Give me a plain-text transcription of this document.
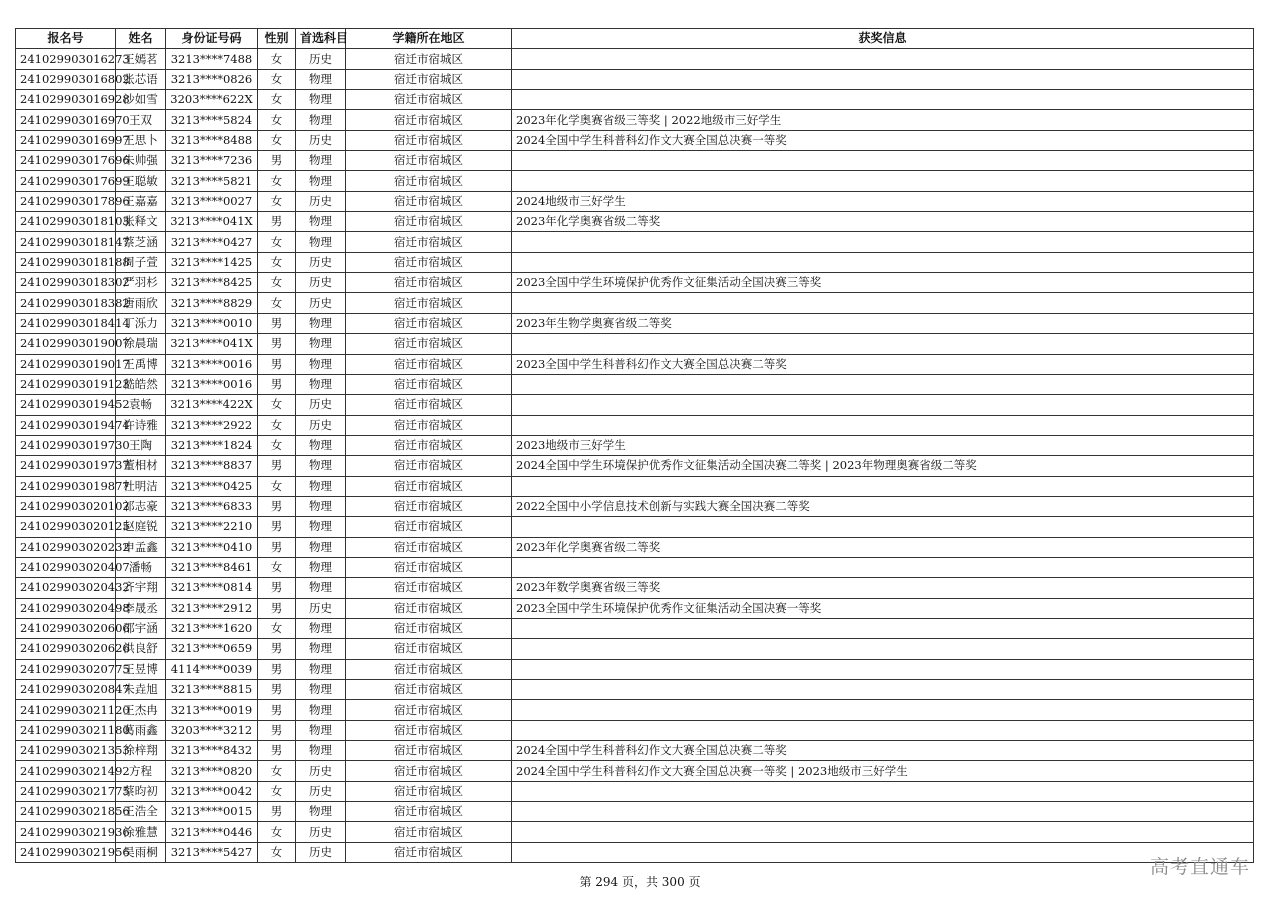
报名号	姓名	身份证号码	性别	首选科目	学籍所在地区	获奖信息
241029903016273	王嫣茗	3213****7488	女	历史	宿迁市宿城区	
241029903016802	张芯语	3213****0826	女	物理	宿迁市宿城区	
241029903016928	沙如雪	3203****622X	女	物理	宿迁市宿城区	
241029903016970	王双	3213****5824	女	物理	宿迁市宿城区	2023年化学奥赛省级三等奖 | 2022地级市三好学生
241029903016997	王思卜	3213****8488	女	历史	宿迁市宿城区	2024全国中学生科普科幻作文大赛全国总决赛一等奖
241029903017696	朱帅强	3213****7236	男	物理	宿迁市宿城区	
241029903017699	王聪敏	3213****5821	女	物理	宿迁市宿城区	
241029903017896	王嘉嘉	3213****0027	女	历史	宿迁市宿城区	2024地级市三好学生
241029903018103	张释文	3213****041X	男	物理	宿迁市宿城区	2023年化学奥赛省级二等奖
241029903018147	蔡芝涵	3213****0427	女	物理	宿迁市宿城区	
241029903018188	周子萱	3213****1425	女	历史	宿迁市宿城区	
241029903018302	严羽杉	3213****8425	女	历史	宿迁市宿城区	2023全国中学生环境保护优秀作文征集活动全国决赛三等奖
241029903018382	唐雨欣	3213****8829	女	历史	宿迁市宿城区	
241029903018414	丁泺力	3213****0010	男	物理	宿迁市宿城区	2023年生物学奥赛省级二等奖
241029903019007	徐晨瑞	3213****041X	男	物理	宿迁市宿城区	
241029903019017	王禹博	3213****0016	男	物理	宿迁市宿城区	2023全国中学生科普科幻作文大赛全国总决赛二等奖
241029903019123	嵇皓然	3213****0016	男	物理	宿迁市宿城区	
241029903019452	袁畅	3213****422X	女	历史	宿迁市宿城区	
241029903019474	许诗雅	3213****2922	女	历史	宿迁市宿城区	
241029903019730	王陶	3213****1824	女	物理	宿迁市宿城区	2023地级市三好学生
241029903019737	董相材	3213****8837	男	物理	宿迁市宿城区	2024全国中学生环境保护优秀作文征集活动全国决赛二等奖 | 2023年物理奥赛省级二等奖
241029903019877	杜明洁	3213****0425	女	物理	宿迁市宿城区	
241029903020102	祁志豪	3213****6833	男	物理	宿迁市宿城区	2022全国中小学信息技术创新与实践大赛全国决赛二等奖
241029903020125	赵庭锐	3213****2210	男	物理	宿迁市宿城区	
241029903020232	申孟鑫	3213****0410	男	物理	宿迁市宿城区	2023年化学奥赛省级二等奖
241029903020407	潘畅	3213****8461	女	物理	宿迁市宿城区	
241029903020432	齐宇翔	3213****0814	男	物理	宿迁市宿城区	2023年数学奥赛省级三等奖
241029903020498	李晟丞	3213****2912	男	历史	宿迁市宿城区	2023全国中学生环境保护优秀作文征集活动全国决赛一等奖
241029903020606	邵宇涵	3213****1620	女	物理	宿迁市宿城区	
241029903020626	洪良舒	3213****0659	男	物理	宿迁市宿城区	
241029903020775	王昱博	4114****0039	男	物理	宿迁市宿城区	
241029903020847	朱垚旭	3213****8815	男	物理	宿迁市宿城区	
241029903021120	王杰冉	3213****0019	男	物理	宿迁市宿城区	
241029903021180	葛雨鑫	3203****3212	男	物理	宿迁市宿城区	
241029903021353	徐梓翔	3213****8432	男	物理	宿迁市宿城区	2024全国中学生科普科幻作文大赛全国总决赛二等奖
241029903021492	方程	3213****0820	女	历史	宿迁市宿城区	2024全国中学生科普科幻作文大赛全国总决赛一等奖 | 2023地级市三好学生
241029903021775	蔡昀初	3213****0042	女	历史	宿迁市宿城区	
241029903021856	王浩全	3213****0015	男	物理	宿迁市宿城区	
241029903021936	涂雅慧	3213****0446	女	历史	宿迁市宿城区	
241029903021956	吴雨桐	3213****5427	女	历史	宿迁市宿城区	
第 294 页，共 300 页
高考直通车
